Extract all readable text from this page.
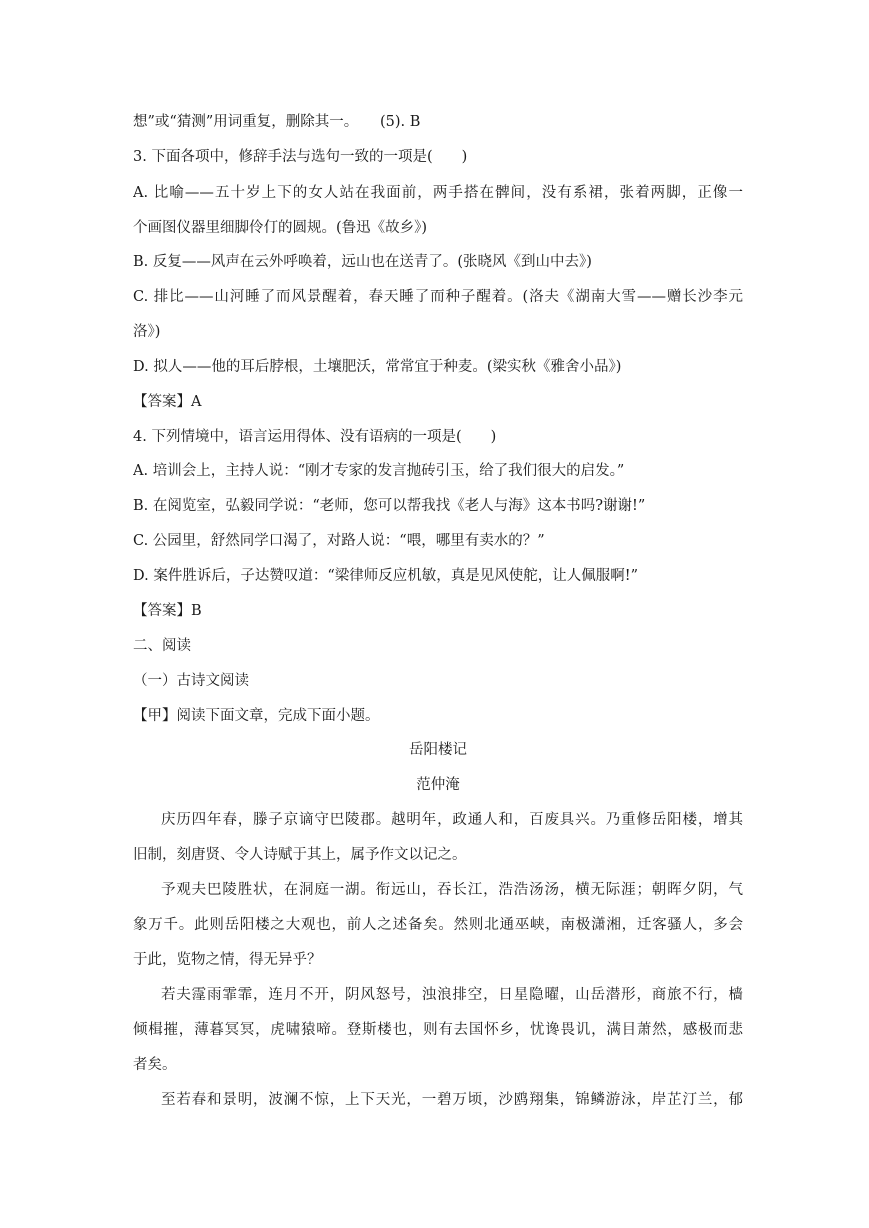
想”或“猜测”用词重复，删除其一。　　(5). B
3. 下面各项中，修辞手法与选句一致的一项是(　　)
A. 比喻——五十岁上下的女人站在我面前，两手搭在髀间，没有系裙，张着两脚，正像一
个画图仪器里细脚伶仃的圆规。(鲁迅《故乡》)
B. 反复——风声在云外呼唤着，远山也在送青了。(张晓风《到山中去》)
C. 排比——山河睡了而风景醒着，春天睡了而种子醒着。(洛夫《湖南大雪——赠长沙李元
洛》)
D. 拟人——他的耳后脖根，土壤肥沃，常常宜于种麦。(梁实秋《雅舍小品》)
【答案】A
4. 下列情境中，语言运用得体、没有语病的一项是(　　)
A. 培训会上，主持人说：“刚才专家的发言抛砖引玉，给了我们很大的启发。”
B. 在阅览室，弘毅同学说：“老师，您可以帮我找《老人与海》这本书吗?谢谢!”
C. 公园里，舒然同学口渴了，对路人说：“喂，哪里有卖水的？”
D. 案件胜诉后，子达赞叹道：“梁律师反应机敏，真是见风使舵，让人佩服啊!”
【答案】B
二、阅读
（一）古诗文阅读
【甲】阅读下面文章，完成下面小题。
岳阳楼记
范仲淹
庆历四年春，滕子京谪守巴陵郡。越明年，政通人和，百废具兴。乃重修岳阳楼，增其
旧制，刻唐贤、令人诗赋于其上，属予作文以记之。
予观夫巴陵胜状，在洞庭一湖。衔远山，吞长江，浩浩汤汤，横无际涯；朝晖夕阴，气
象万千。此则岳阳楼之大观也，前人之述备矣。然则北通巫峡，南极潇湘，迁客骚人，多会
于此，览物之情，得无异乎？
若夫霪雨霏霏，连月不开，阴风怒号，浊浪排空，日星隐曜，山岳潜形，商旅不行，樯
倾楫摧，薄暮冥冥，虎啸猿啼。登斯楼也，则有去国怀乡，忧谗畏讥，满目萧然，感极而悲
者矣。
至若春和景明，波澜不惊，上下天光，一碧万顷，沙鸥翔集，锦鳞游泳，岸芷汀兰，郁
